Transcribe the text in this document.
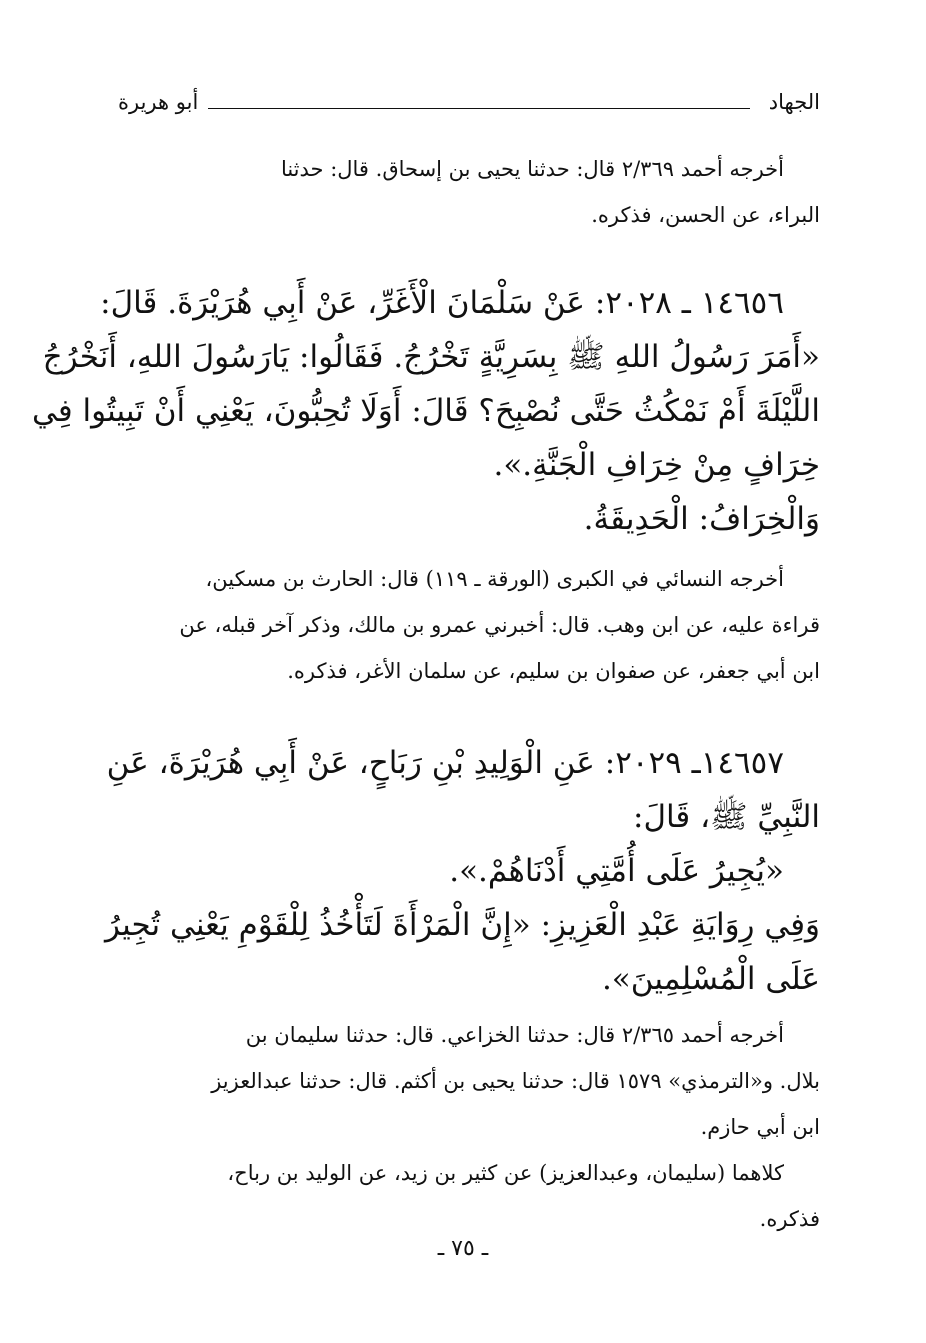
الجهاد
أبو هريرة
أخرجه أحمد ٢/٣٦٩ قال: حدثنا يحيى بن إسحاق. قال: حدثنا
البراء، عن الحسن، فذكره.
١٤٦٥٦ ـ ٢٠٢٨: عَنْ سَلْمَانَ الْأَغَرِّ، عَنْ أَبِي هُرَيْرَةَ. قَالَ:
«أَمَرَ رَسُولُ اللهِ ﷺ بِسَرِيَّةٍ تَخْرُجُ. فَقَالُوا: يَارَسُولَ اللهِ، أَنَخْرُجُ
اللَّيْلَةَ أَمْ نَمْكُثُ حَتَّى نُصْبِحَ؟ قَالَ: أَوَلَا تُحِبُّونَ، يَعْنِي أَنْ تَبِيتُوا فِي
خِرَافٍ مِنْ خِرَافِ الْجَنَّةِ.».
وَالْخِرَافُ: الْحَدِيقَةُ.
أخرجه النسائي في الكبرى (الورقة ـ ١١٩) قال: الحارث بن مسكين،
قراءة عليه، عن ابن وهب. قال: أخبرني عمرو بن مالك، وذكر آخر قبله، عن
ابن أبي جعفر، عن صفوان بن سليم، عن سلمان الأغر، فذكره.
١٤٦٥٧ـ ٢٠٢٩: عَنِ الْوَلِيدِ بْنِ رَبَاحٍ، عَنْ أَبِي هُرَيْرَةَ، عَنِ
النَّبِيِّ ﷺ، قَالَ:
«يُجِيرُ عَلَى أُمَّتِي أَدْنَاهُمْ.».
وَفِي رِوَايَةِ عَبْدِ الْعَزِيزِ: «إِنَّ الْمَرْأَةَ لَتَأْخُذُ لِلْقَوْمِ يَعْنِي تُجِيرُ
عَلَى الْمُسْلِمِينَ».
أخرجه أحمد ٢/٣٦٥ قال: حدثنا الخزاعي. قال: حدثنا سليمان بن
بلال. و«الترمذي» ١٥٧٩ قال: حدثنا يحيى بن أكثم. قال: حدثنا عبدالعزيز
ابن أبي حازم.
كلاهما (سليمان، وعبدالعزيز) عن كثير بن زيد، عن الوليد بن رباح،
فذكره.
ـ ٧٥ ـ
